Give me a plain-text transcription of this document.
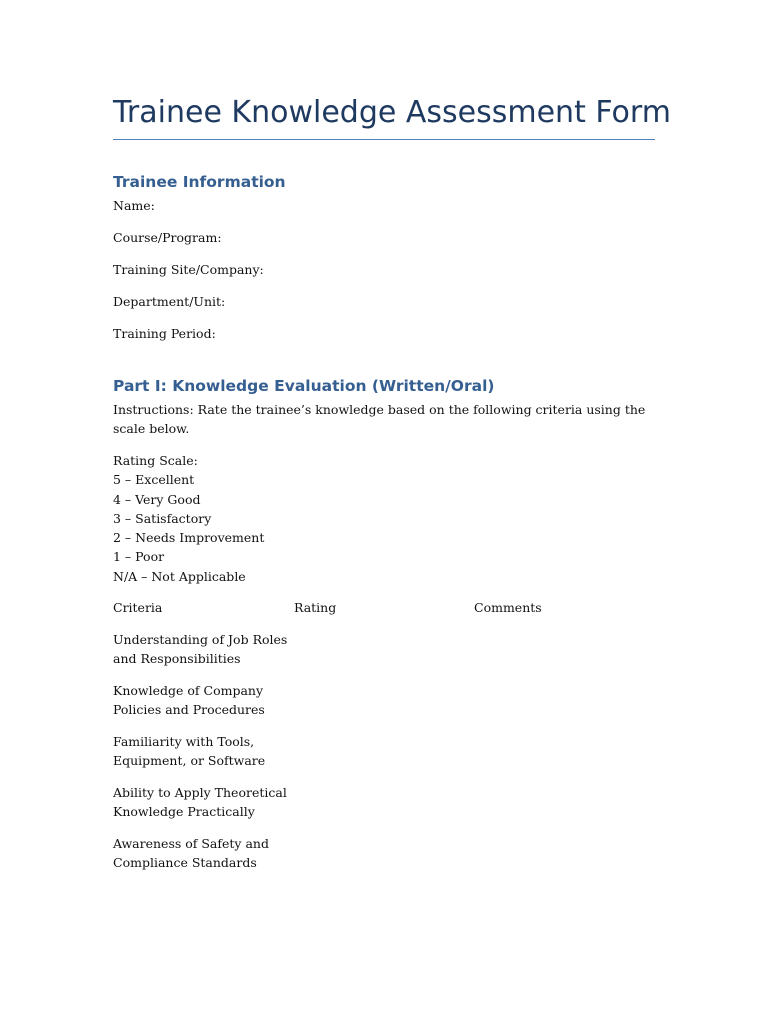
Trainee Knowledge Assessment Form
Trainee Information

Name:

Course/Program:

Training Site/Company:

Department/Unit:

Training Period:

Part I: Knowledge Evaluation (Written/Oral)

Instructions: Rate the trainee’s knowledge based on the following criteria using the scale below.

Rating Scale:
5 – Excellent
4 – Very Good
3 – Satisfactory
2 – Needs Improvement
1 – Poor
N/A – Not Applicable
Criteria	Rating	Comments
Understanding of Job Roles
and Responsibilities
Knowledge of Company
Policies and Procedures
Familiarity with Tools,
Equipment, or Software
Ability to Apply Theoretical
Knowledge Practically
Awareness of Safety and
Compliance Standards
